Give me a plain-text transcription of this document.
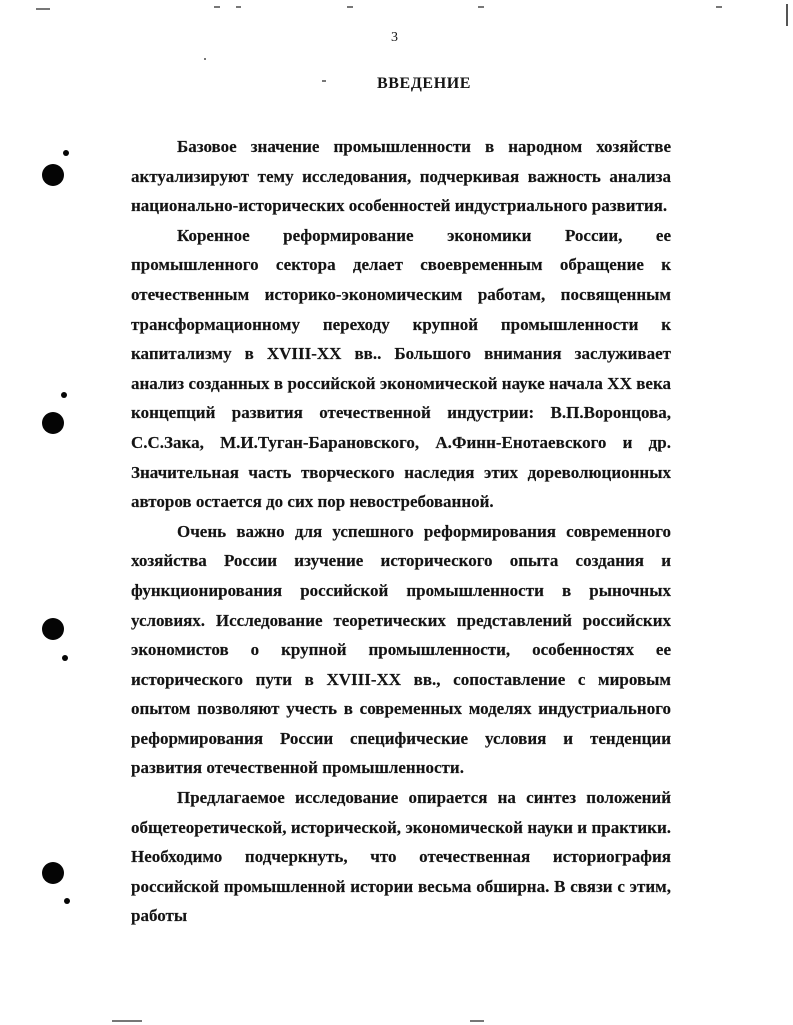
3
ВВЕДЕНИЕ

Базовое значение промышленности в народном хозяйстве актуализируют тему исследования, подчеркивая важность анализа национально-исторических особенностей индустриального развития.

Коренное реформирование экономики России, ее промышленного сектора делает своевременным обращение к отечественным историко-экономическим работам, посвященным трансформационному переходу крупной промышленности к капитализму в XVIII-XX вв.. Большого внимания заслуживает анализ созданных в российской экономической науке начала XX века концепций развития отечественной индустрии: В.П.Воронцова, С.С.Зака, М.И.Туган-Барановского, А.Финн-Енотаевского и др. Значительная часть творческого наследия этих дореволюционных авторов остается до сих пор невостребованной.

Очень важно для успешного реформирования современного хозяйства России изучение исторического опыта создания и функционирования российской промышленности в рыночных условиях. Исследование теоретических представлений российских экономистов о крупной промышленности, особенностях ее исторического пути в XVIII-XX вв., сопоставление с мировым опытом позволяют учесть в современных моделях индустриального реформирования России специфические условия и тенденции развития отечественной промышленности.

Предлагаемое исследование опирается на синтез положений общетеоретической, исторической, экономической науки и практики. Необходимо подчеркнуть, что отечественная историография российской промышленной истории весьма обширна. В связи с этим, работы
